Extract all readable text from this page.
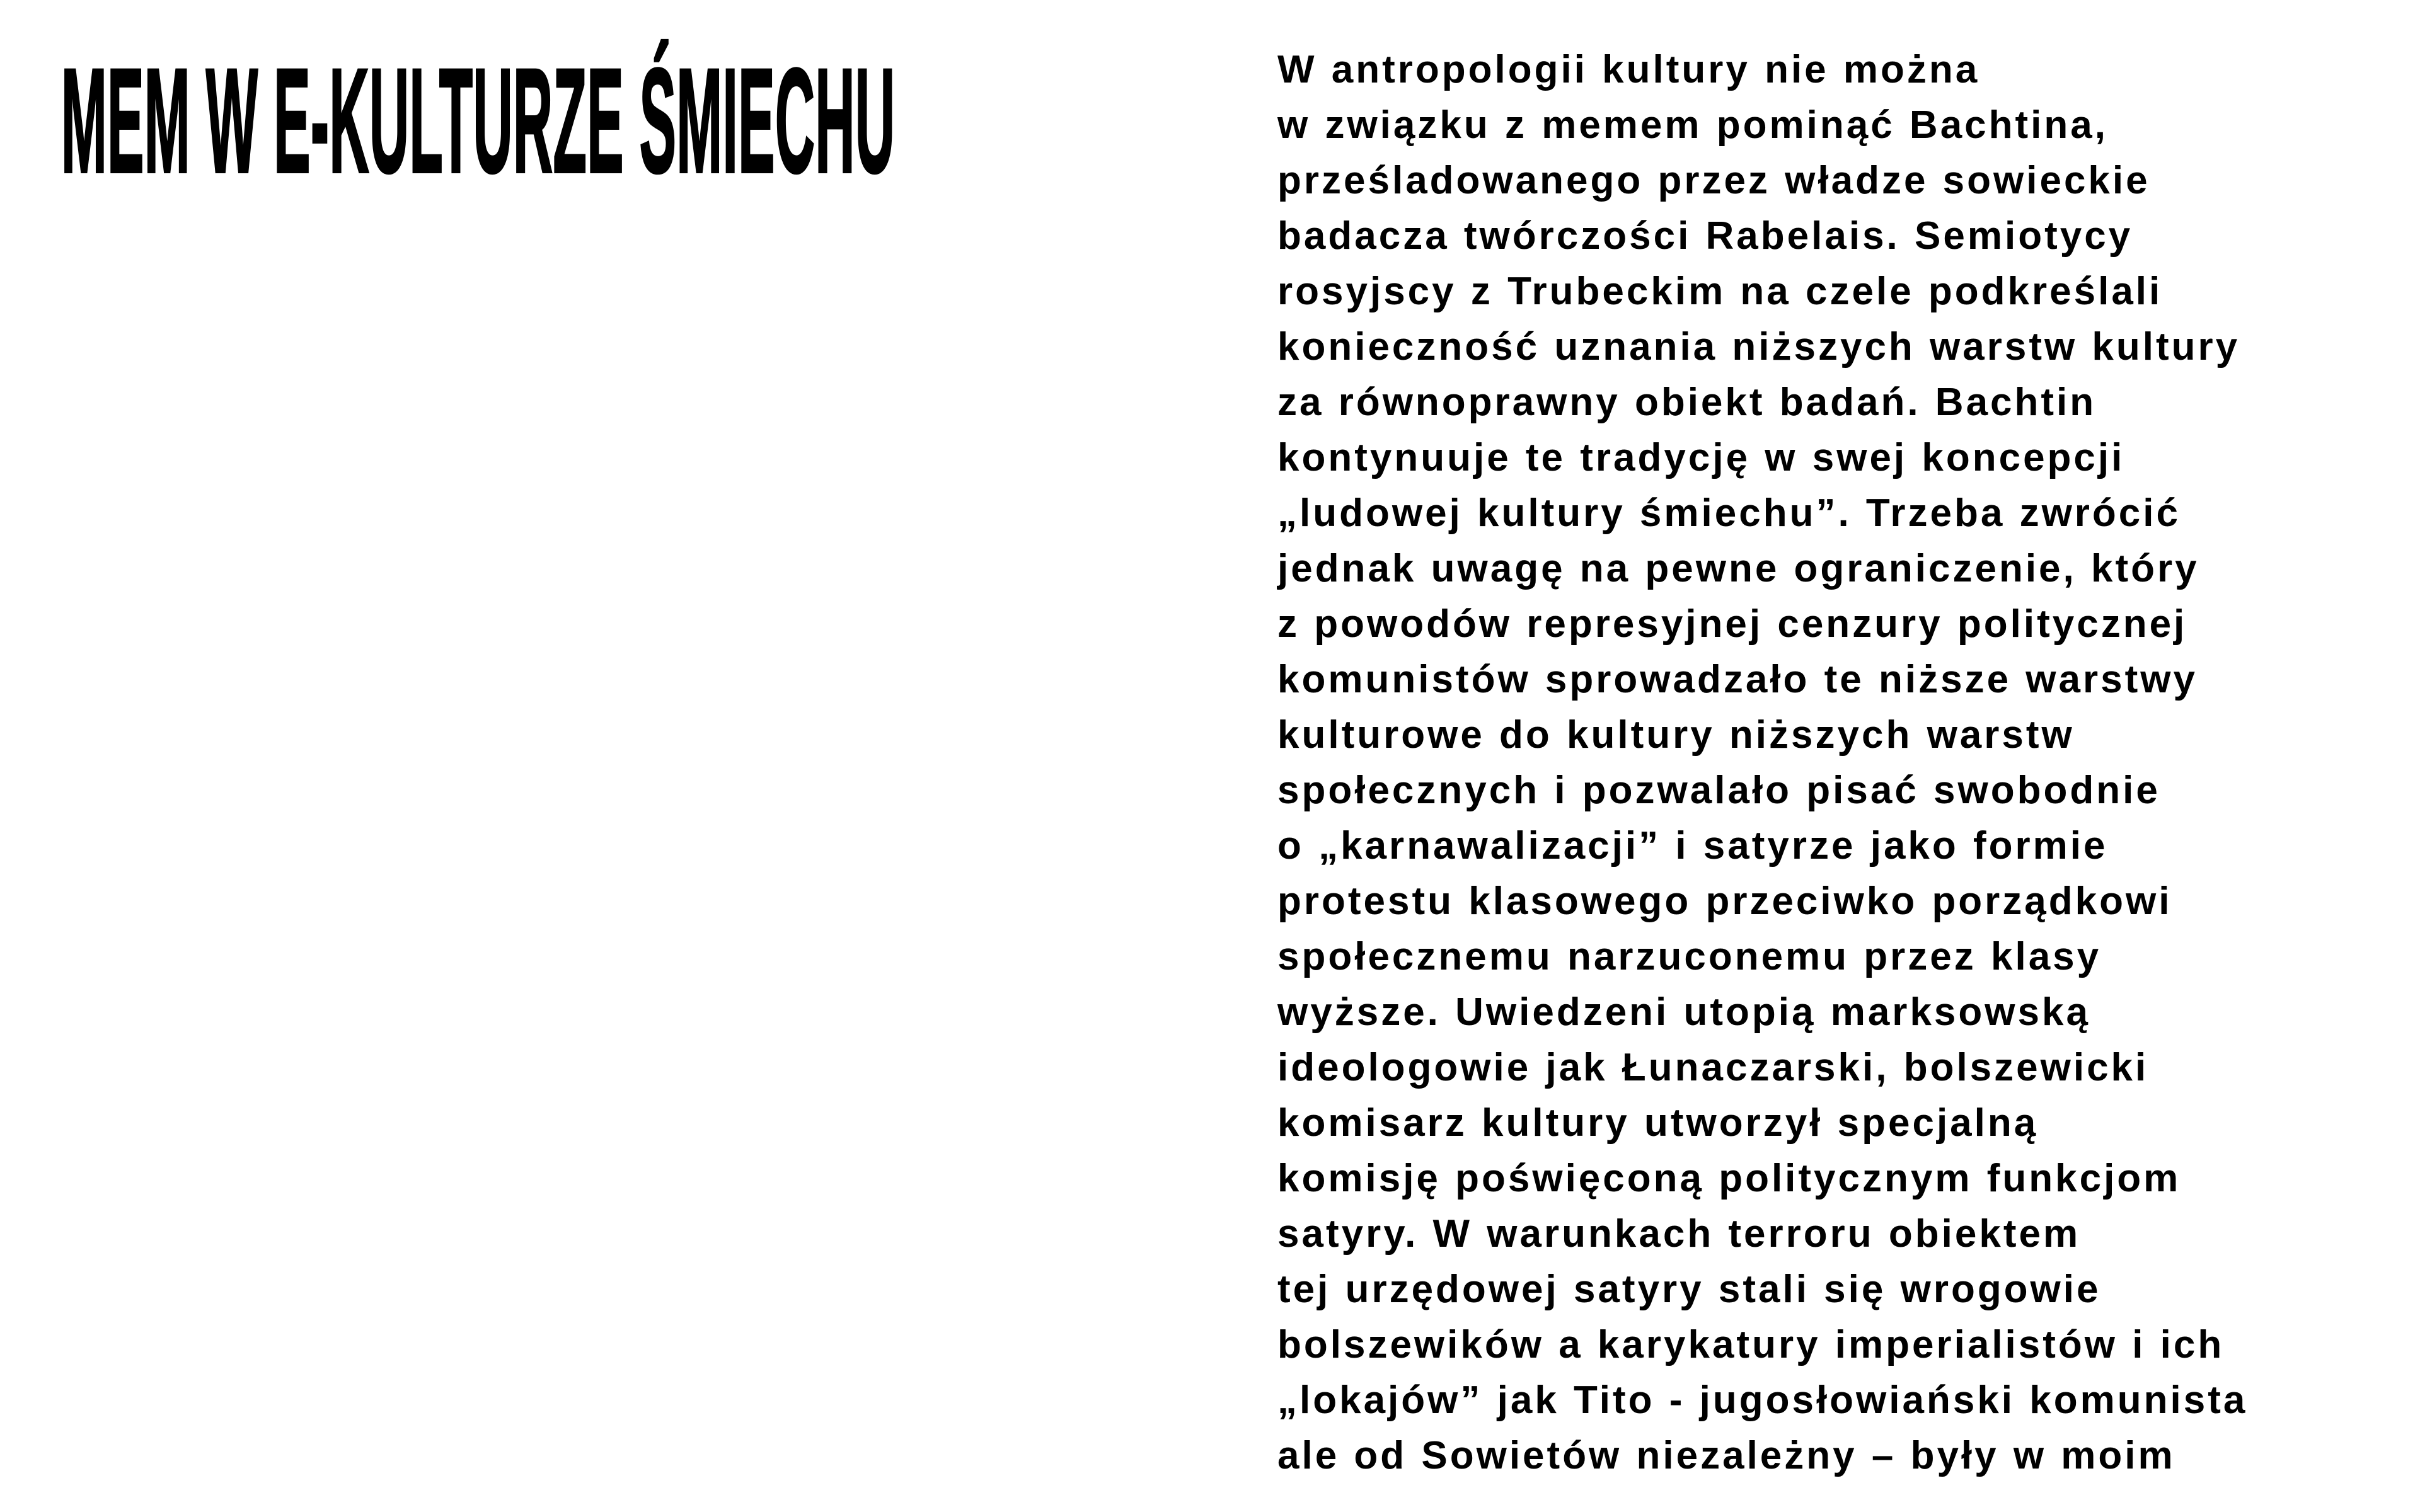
MEM W E-KULTURZE ŚMIECHU	W antropologii kultury nie można
w związku z memem pominąć Bachtina,
prześladowanego przez władze sowieckie
badacza twórczości Rabelais. Semiotycy
rosyjscy z Trubeckim na czele podkreślali
konieczność uznania niższych warstw kultury
za równoprawny obiekt badań. Bachtin
kontynuuje te tradycję w swej koncepcji
„ludowej kultury śmiechu”. Trzeba zwrócić
jednak uwagę na pewne ograniczenie, który
z powodów represyjnej cenzury politycznej
komunistów sprowadzało te niższe warstwy
kulturowe do kultury niższych warstw
społecznych i pozwalało pisać swobodnie
o „karnawalizacji” i satyrze jako formie
protestu klasowego przeciwko porządkowi
społecznemu narzuconemu przez klasy
wyższe. Uwiedzeni utopią marksowską
ideologowie jak Łunaczarski, bolszewicki
komisarz kultury utworzył specjalną
komisję poświęconą politycznym funkcjom
satyry. W warunkach terroru obiektem
tej urzędowej satyry stali się wrogowie
bolszewików a karykatury imperialistów i ich
„lokajów” jak Tito - jugosłowiański komunista
ale od Sowietów niezależny – były w moim
